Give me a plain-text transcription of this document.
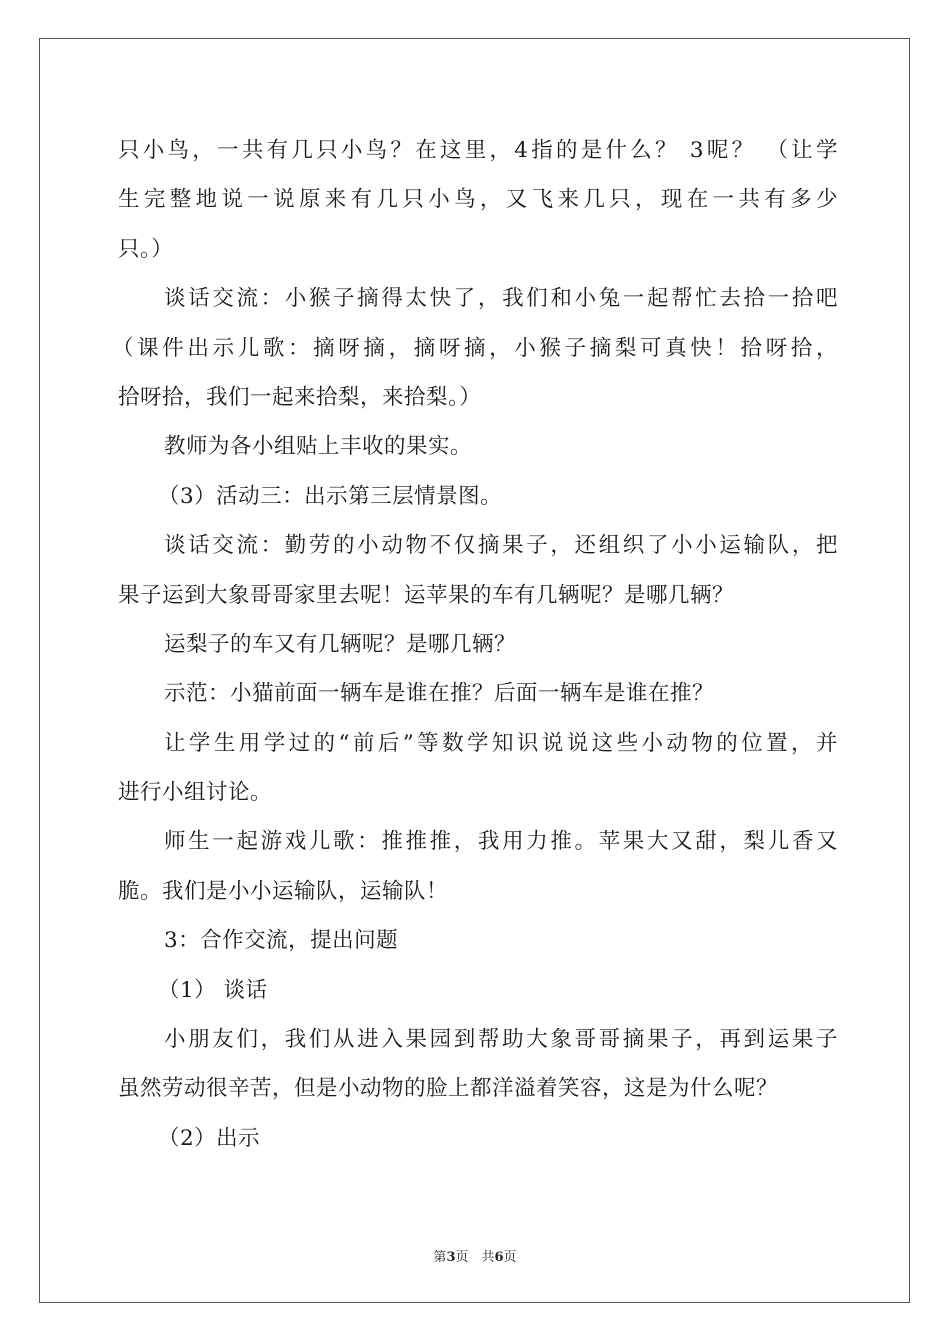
只小鸟，一共有几只小鸟？在这里，4指的是什么？ 3呢？ （让学
生完整地说一说原来有几只小鸟，又飞来几只，现在一共有多少
只。）
谈话交流：小猴子摘得太快了，我们和小兔一起帮忙去拾一拾吧
（课件出示儿歌：摘呀摘，摘呀摘，小猴子摘梨可真快！拾呀拾，
拾呀拾，我们一起来拾梨，来拾梨。）
教师为各小组贴上丰收的果实。
（3）活动三：出示第三层情景图。
谈话交流：勤劳的小动物不仅摘果子，还组织了小小运输队，把
果子运到大象哥哥家里去呢！运苹果的车有几辆呢？是哪几辆？
运梨子的车又有几辆呢？是哪几辆？
示范：小猫前面一辆车是谁在推？后面一辆车是谁在推？
让学生用学过的“前后”等数学知识说说这些小动物的位置，并
进行小组讨论。
师生一起游戏儿歌：推推推，我用力推。苹果大又甜，梨儿香又
脆。我们是小小运输队，运输队！
3：合作交流，提出问题
（1） 谈话
小朋友们，我们从进入果园到帮助大象哥哥摘果子，再到运果子
虽然劳动很辛苦，但是小动物的脸上都洋溢着笑容，这是为什么呢？
（2）出示
第3页　共6页
